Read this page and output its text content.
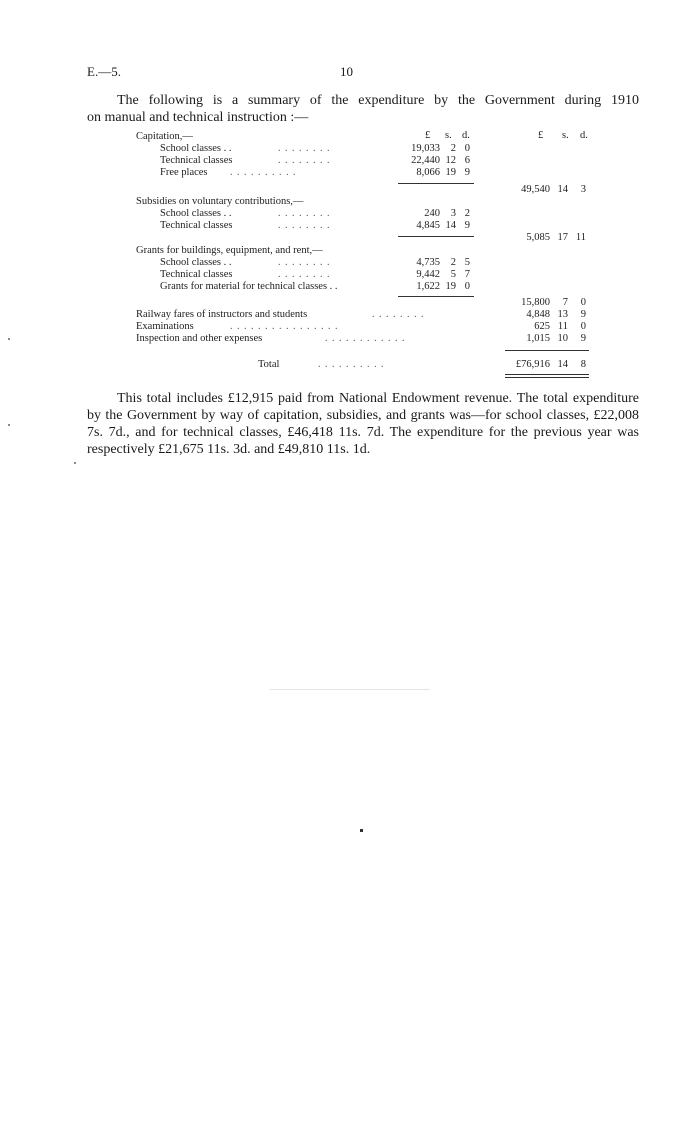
E.—5.	10
The following is a summary of the expenditure by the Government during 1910
on manual and technical instruction :—
£ s. d.	£ s. d.
Capitation,—
School classes . .	. . . . . . . .	19,033	2 0
Technical classes	. . . . . . . .	22,440 12 6
Free places . . . . . . . . . .	8,066 19 9
49,540 14	3
Subsidies on voluntary contributions,—
School classes . .	. . . . . . . .	240	3 2
Technical classes	. . . . . . . .	4,845 14 9
5,085 17 11
Grants for buildings, equipment, and rent,—
School classes . .	. . . . . . . .	4,735	2 5
Technical classes	. . . . . . . .	9,442	5 7
Grants for material for technical classes . .	1,622 19 0
15,800	7	0
Railway fares of instructors and students	. . . . . . . .	4,848 13	9
Examinations	. . . . . . . . . . . . . . . .	625 11	0
Inspection and other expenses	. . . . . . . . . . . .	1,015 10	9
Total	. . . . . . . . . .	£76,916 14	8
This total includes £12,915 paid from National Endowment revenue. The total expenditure by the Government by way of capitation, subsidies, and grants was—for school classes, £22,008 7s. 7d., and for technical classes, £46,418 11s. 7d. The expenditure for the previous year was respectively £21,675 11s. 3d. and £49,810 11s. 1d.
